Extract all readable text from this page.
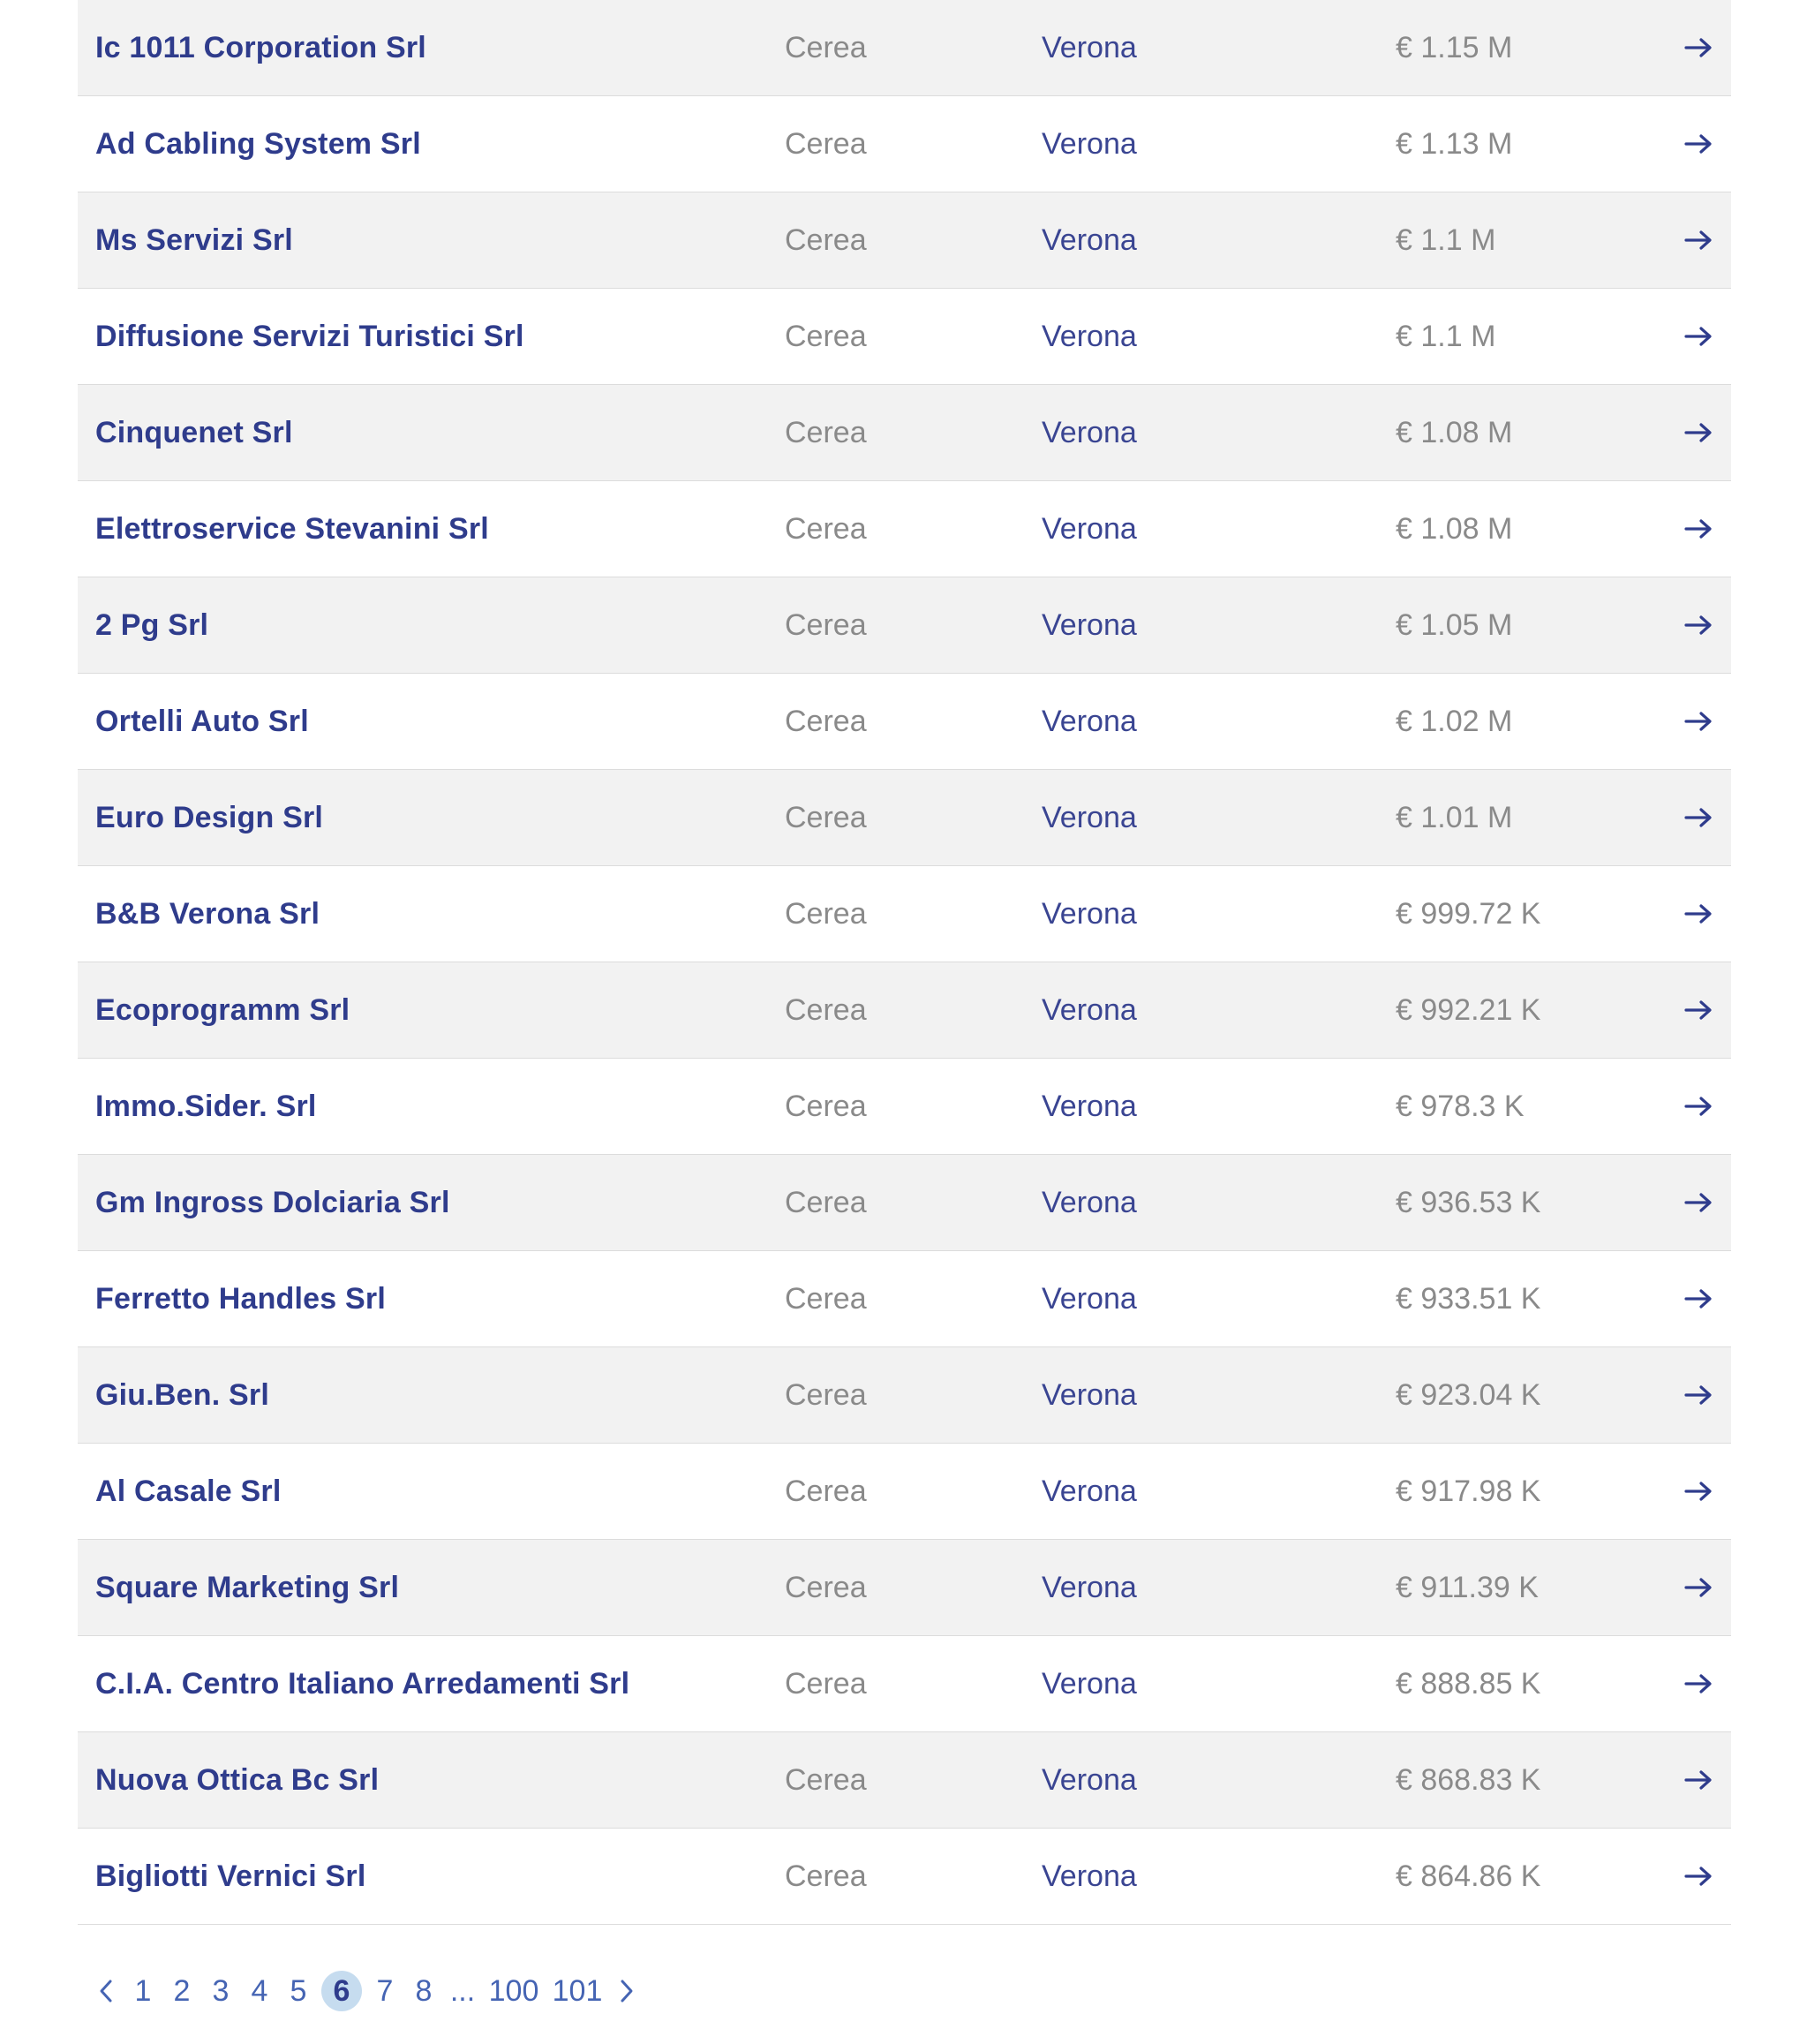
Ic 1011 Corporation Srl	Cerea	Verona	€ 1.15 M
Ad Cabling System Srl	Cerea	Verona	€ 1.13 M
Ms Servizi Srl	Cerea	Verona	€ 1.1 M
Diffusione Servizi Turistici Srl	Cerea	Verona	€ 1.1 M
Cinquenet Srl	Cerea	Verona	€ 1.08 M
Elettroservice Stevanini Srl	Cerea	Verona	€ 1.08 M
2 Pg Srl	Cerea	Verona	€ 1.05 M
Ortelli Auto Srl	Cerea	Verona	€ 1.02 M
Euro Design Srl	Cerea	Verona	€ 1.01 M
B&B Verona Srl	Cerea	Verona	€ 999.72 K
Ecoprogramm Srl	Cerea	Verona	€ 992.21 K
Immo.Sider. Srl	Cerea	Verona	€ 978.3 K
Gm Ingross Dolciaria Srl	Cerea	Verona	€ 936.53 K
Ferretto Handles Srl	Cerea	Verona	€ 933.51 K
Giu.Ben. Srl	Cerea	Verona	€ 923.04 K
Al Casale Srl	Cerea	Verona	€ 917.98 K
Square Marketing Srl	Cerea	Verona	€ 911.39 K
C.I.A. Centro Italiano Arredamenti Srl	Cerea	Verona	€ 888.85 K
Nuova Ottica Bc Srl	Cerea	Verona	€ 868.83 K
Bigliotti Vernici Srl	Cerea	Verona	€ 864.86 K
1 2 3 4 5 6 7 8 ... 100 101
